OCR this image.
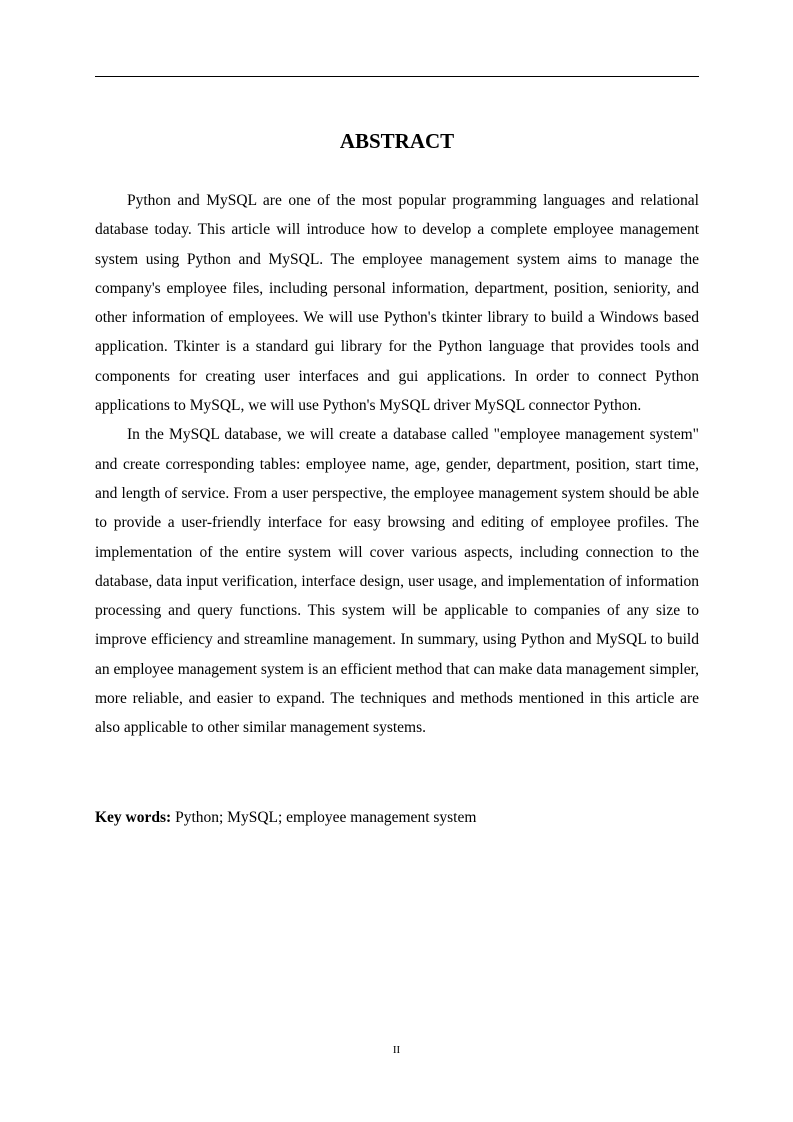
ABSTRACT

Python and MySQL are one of the most popular programming languages and relational database today. This article will introduce how to develop a complete employee management system using Python and MySQL. The employee management system aims to manage the company's employee files, including personal information, department, position, seniority, and other information of employees. We will use Python's tkinter library to build a Windows based application. Tkinter is a standard gui library for the Python language that provides tools and components for creating user interfaces and gui applications. In order to connect Python applications to MySQL, we will use Python's MySQL driver MySQL connector Python.

In the MySQL database, we will create a database called "employee management system" and create corresponding tables: employee name, age, gender, department, position, start time, and length of service. From a user perspective, the employee management system should be able to provide a user-friendly interface for easy browsing and editing of employee profiles. The implementation of the entire system will cover various aspects, including connection to the database, data input verification, interface design, user usage, and implementation of information processing and query functions. This system will be applicable to companies of any size to improve efficiency and streamline management. In summary, using Python and MySQL to build an employee management system is an efficient method that can make data management simpler, more reliable, and easier to expand. The techniques and methods mentioned in this article are also applicable to other similar management systems.

Key words: Python; MySQL; employee management system

II
